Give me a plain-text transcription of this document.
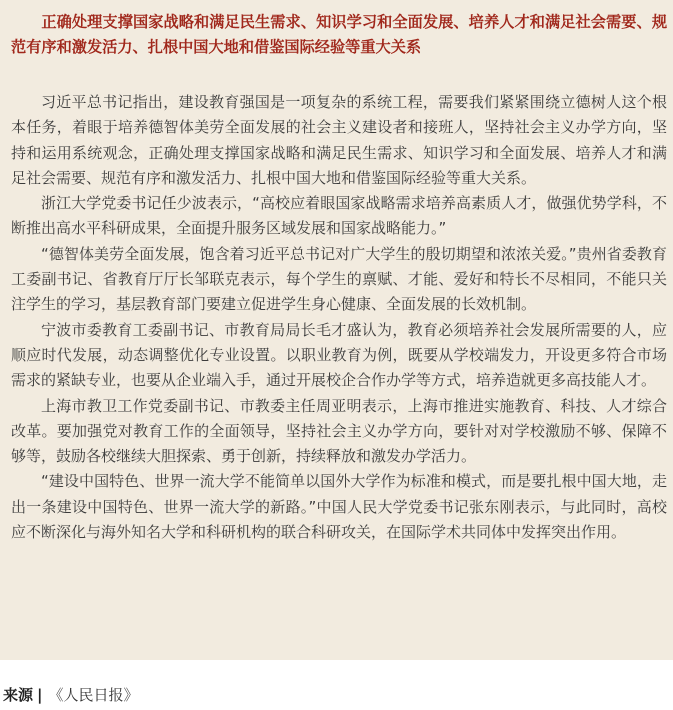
正确处理支撑国家战略和满足民生需求、知识学习和全面发展、培养人才和满足社会需要、规范有序和激发活力、扎根中国大地和借鉴国际经验等重大关系

习近平总书记指出，建设教育强国是一项复杂的系统工程，需要我们紧紧围绕立德树人这个根本任务，着眼于培养德智体美劳全面发展的社会主义建设者和接班人，坚持社会主义办学方向，坚持和运用系统观念，正确处理支撑国家战略和满足民生需求、知识学习和全面发展、培养人才和满足社会需要、规范有序和激发活力、扎根中国大地和借鉴国际经验等重大关系。

浙江大学党委书记任少波表示，“高校应着眼国家战略需求培养高素质人才，做强优势学科，不断推出高水平科研成果，全面提升服务区域发展和国家战略能力。”

“德智体美劳全面发展，饱含着习近平总书记对广大学生的殷切期望和浓浓关爱。”贵州省委教育工委副书记、省教育厅厅长邹联克表示，每个学生的禀赋、才能、爱好和特长不尽相同，不能只关注学生的学习，基层教育部门要建立促进学生身心健康、全面发展的长效机制。

宁波市委教育工委副书记、市教育局局长毛才盛认为，教育必须培养社会发展所需要的人，应顺应时代发展，动态调整优化专业设置。以职业教育为例，既要从学校端发力，开设更多符合市场需求的紧缺专业，也要从企业端入手，通过开展校企合作办学等方式，培养造就更多高技能人才。

上海市教卫工作党委副书记、市教委主任周亚明表示，上海市推进实施教育、科技、人才综合改革。要加强党对教育工作的全面领导，坚持社会主义办学方向，要针对对学校激励不够、保障不够等，鼓励各校继续大胆探索、勇于创新，持续释放和激发办学活力。

“建设中国特色、世界一流大学不能简单以国外大学作为标准和模式，而是要扎根中国大地，走出一条建设中国特色、世界一流大学的新路。”中国人民大学党委书记张东刚表示，与此同时，高校应不断深化与海外知名大学和科研机构的联合科研攻关，在国际学术共同体中发挥突出作用。

来源 | 《人民日报》
